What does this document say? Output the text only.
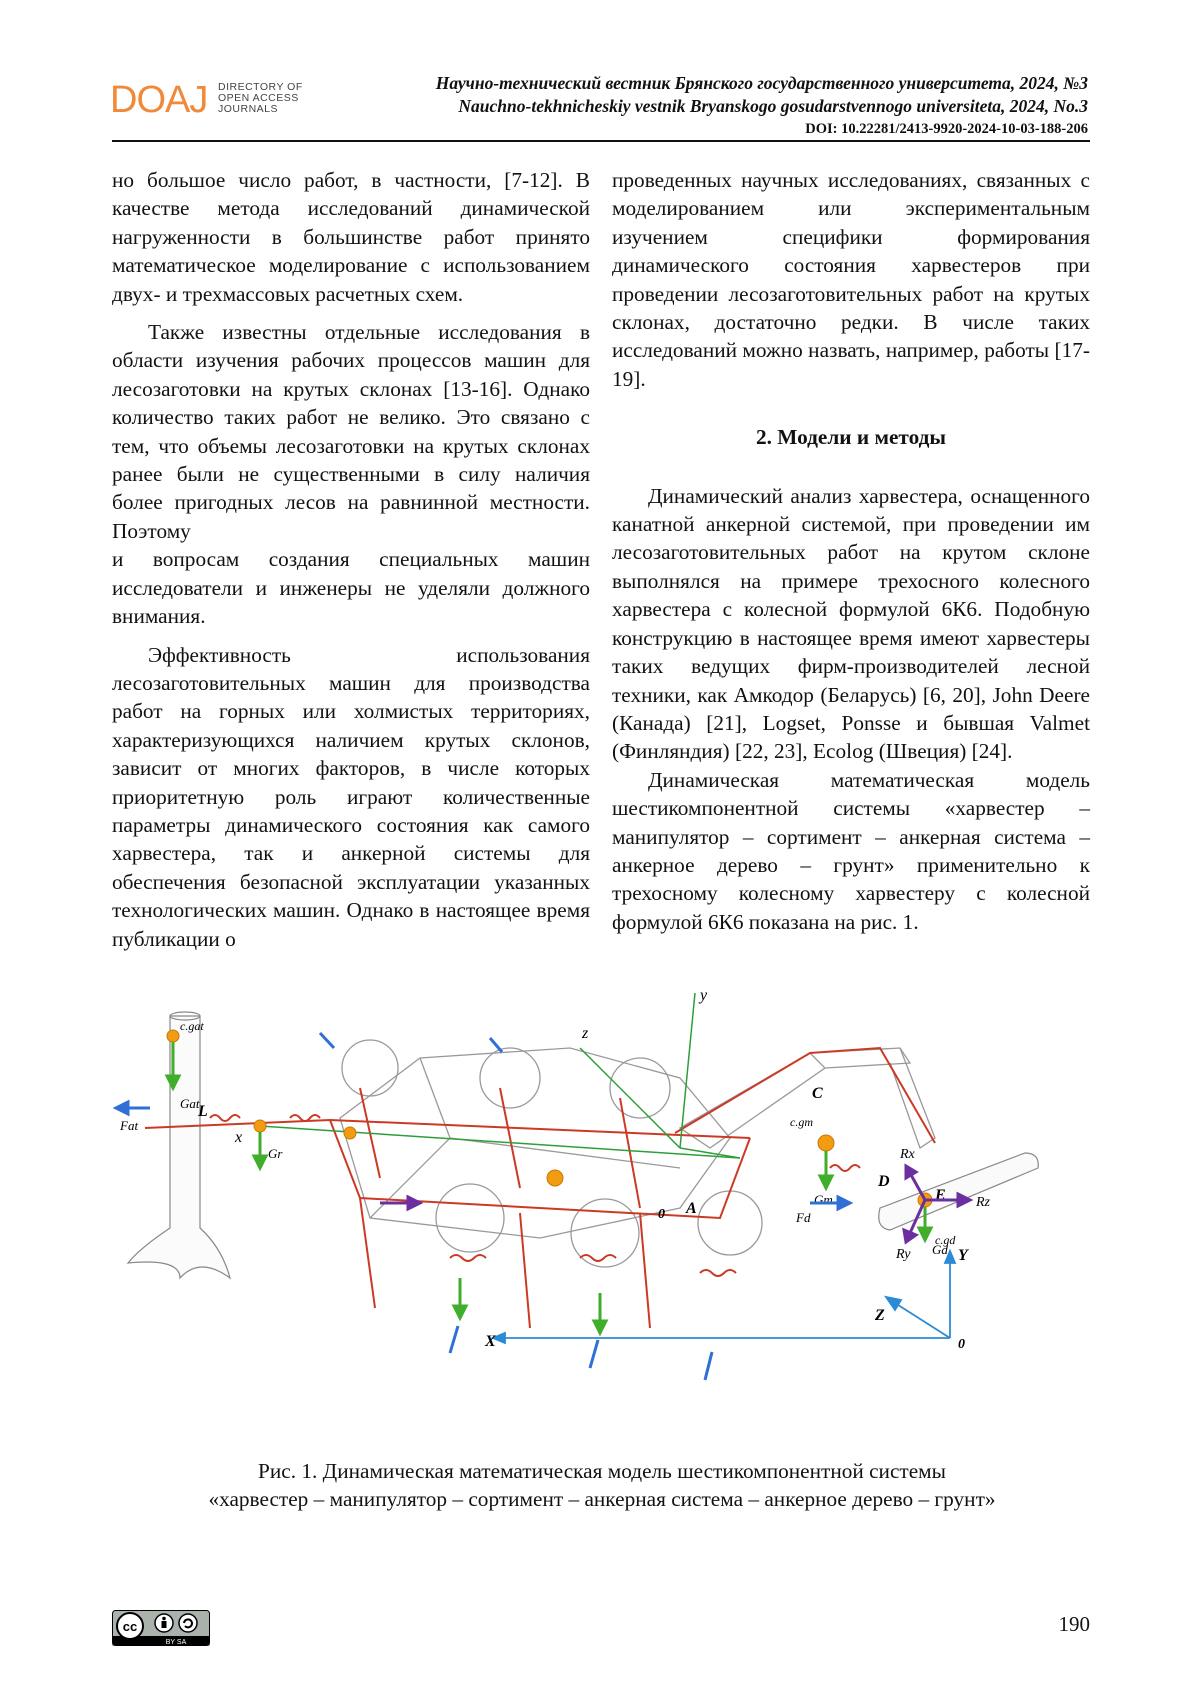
DOAJ DIRECTORY OF
OPEN ACCESS
JOURNALS
Научно-технический вестник Брянского государственного университета, 2024, №3
Nauchno-tekhnicheskiy vestnik Bryanskogo gosudarstvennogo universiteta, 2024, No.3
DOI: 10.22281/2413-9920-2024-10-03-188-206

но большое число работ, в частности, [7-12]. В качестве метода исследований динамической нагруженности в большинстве работ принято математическое моделирование с использованием двух- и трехмассовых расчетных схем.

Также известны отдельные исследования в области изучения рабочих процессов машин для лесозаготовки на крутых склонах [13-16]. Однако количество таких работ не велико. Это связано с тем, что объемы лесозаготовки на крутых склонах ранее были не существенными в силу наличия более пригодных лесов на равнинной местности. Поэтому

и вопросам создания специальных машин исследователи и инженеры не уделяли должного внимания.

Эффективность использования лесозаготовительных машин для производства работ на горных или холмистых территориях, характеризующихся наличием крутых склонов, зависит от многих факторов, в числе которых приоритетную роль играют количественные параметры динамического состояния как самого харвестера, так и анкерной системы для обеспечения безопасной эксплуатации указанных технологических машин. Однако в настоящее время публикации о

проведенных научных исследованиях, связанных с моделированием или экспериментальным изучением специфики формирования динамического состояния харвестеров при проведении лесозаготовительных работ на крутых склонах, достаточно редки. В числе таких исследований можно назвать, например, работы [17-19].

2. Модели и методы

Динамический анализ харвестера, оснащенного канатной анкерной системой, при проведении им лесозаготовительных работ на крутом склоне выполнялся на примере трехосного колесного харвестера с колесной формулой 6К6. Подобную конструкцию в настоящее время имеют харвестеры таких ведущих фирм-производителей лесной техники, как Амкодор (Беларусь) [6, 20], John Deere (Канада) [21], Logset, Ponsse и бывшая Valmet (Финляндия) [22, 23], Ecolog (Швеция) [24].

Динамическая математическая модель шестикомпонентной системы «харвестер – манипулятор – сортимент – анкерная система – анкерное дерево – грунт» применительно к трехосному колесному харвестеру с колесной формулой 6К6 показана на рис. 1.

y
z
x
L
C
D
E
A
0
c.gat
c.gm
c.gd
Gat
Gm
Gr
Gd
Fat
Fd
Rz
Rx
Ry	Y
Z
X	0
Рис. 1. Динамическая математическая модель шестикомпонентной системы
«харвестер – манипулятор – сортимент – анкерная система – анкерное дерево – грунт»
cc
BY SA
190
